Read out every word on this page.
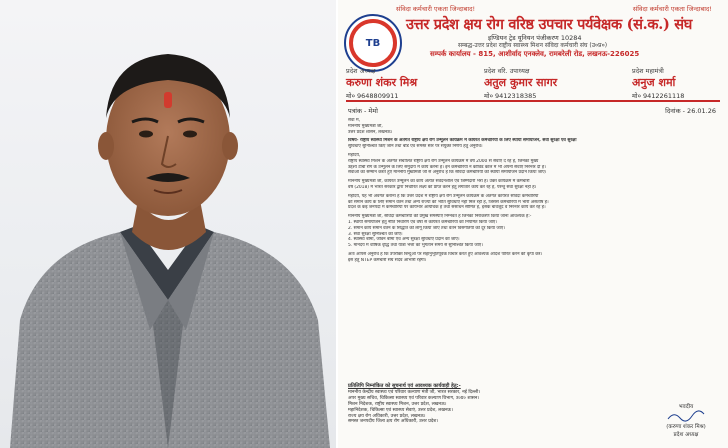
संविदा कर्मचारी एकता जिन्दाबाद!	संविदा कर्मचारी एकता जिन्दाबाद!
TB
उत्तर प्रदेश क्षय रोग वरिष्ठ उपचार पर्यवेक्षक (सं.क.) संघ
इण्डियन ट्रेड यूनियन पंजीकरण 10284
सम्बद्ध-उत्तर प्रदेश राष्ट्रीय स्वास्थ्य मिशन संविदा कर्मचारी संघ (उ०प्र०)
सम्पर्क कार्यालय - 815, आशीर्वाद एनक्लेव, रामबरेली रोड, लखनऊ-226025
प्रदेश अध्यक्ष
करुणा शंकर मिश्र
मो० 9648809911
प्रदेश वरि. उपाध्यक्ष
अतुल कुमार सागर
मो० 9412318385
प्रदेश महामंत्री
अनुज शर्मा
मो० 9412261118
पत्रांक - मेमो	दिनांक - 26.01.26
सेवा में,
माननीय मुख्यमंत्री जी,
उत्तर प्रदेश शासन, लखनऊ।
विषय- राष्ट्रीय स्वास्थ्य मिशन के अंतर्गत राष्ट्रीय क्षय रोग उन्मूलन कार्यक्रम में कार्यरत कर्मचारियों के लिए स्थायी समायोजन, सेवा सुरक्षा एवं सुरक्षा
सुविधाएं सुनिश्चित किए जाने तथा बोर्ड एवं समस्त स्तर पर संयुक्त निर्णय हेतु अनुरोध।
महोदय,
राष्ट्रीय स्वास्थ्य मिशन के अंतर्गत संचालित राष्ट्रीय क्षय रोग उन्मूलन कार्यक्रम में वर्ष 2000 से सेवाएं दे रहे हैं, जिनका मुख्य
उद्देश्य टीबी रोग के उन्मूलन के लिए समुदाय में कार्य करना है। इन कर्मचारियों ने कोविड काल में भी अपनी सेवाएं निरन्तर दी हैं।
सेवाओं का सम्मान करते हुए माननीय मुख्यमंत्री जी से अनुरोध है कि संविदा कर्मचारियों को स्थायी समायोजन प्रदान किया जाए।
माननीय मुख्यमंत्री जी, कार्यरत उन्मूलन का कार्य अत्यंत संवेदनशील एवं जिम्मेदारी भरा है। उक्त कार्यक्रम में कर्मचारी
वर्ष (2018) में भारत सरकार द्वारा निर्धारित लक्ष्य को प्राप्त करने हेतु लगातार कार्य कर रहे हैं, परन्तु सेवा सुरक्षा नहीं है।
महोदय, यह भी अवगत कराना है कि उत्तर प्रदेश में राष्ट्रीय क्षय रोग उन्मूलन कार्यक्रम के अंतर्गत कार्यरत संविदा कर्मचारियों
को समान कार्य के लिए समान वेतन तथा अन्य राज्यों की भांति सुविधाएं नहीं मिल रही हैं, जिससे कर्मचारियों में भारी असंतोष है।
प्रदेश के कई जनपदों में कर्मचारियों पर कार्यभार अत्यधिक है तथा संसाधन सीमित हैं, इसके बावजूद वे निरन्तर कार्य कर रहे हैं।
माननीय मुख्यमंत्री जी, संविदा कर्मचारियों की प्रमुख समस्याएं निम्नवत हैं जिनका निराकरण किया जाना आवश्यक है:-
1. स्थायी समायोजन हेतु नीति निर्धारण एवं वर्षों से कार्यरत कर्मचारियों को नियमित किया जाए।
2. समान कार्य समान वेतन के सिद्धांत को लागू किया जाए तथा वेतन विसंगतियों को दूर किया जाए।
3. सेवा सुरक्षा सुनिश्चित की जाए।
4. स्वास्थ्य बीमा, जीवन बीमा एवं अन्य सुरक्षा सुविधाएं प्रदान की जाएं।
5. मानदेय में वार्षिक वृद्धि तथा यात्रा भत्ता का भुगतान समय से सुनिश्चित किया जाए।
अतः आपसे अनुरोध है कि उपरोक्त बिन्दुओं पर सहानुभूतिपूर्वक विचार करते हुए आवश्यक आदेश पारित करने की कृपा करें।
इस हेतु NTEP कर्मचारी संघ सदैव आभारी रहेगा।
प्रतिलिपि निम्नांकित को सूचनार्थ एवं आवश्यक कार्यवाही हेतु:-
माननीय केन्द्रीय स्वास्थ्य एवं परिवार कल्याण मंत्री जी, भारत सरकार, नई दिल्ली।
अपर मुख्य सचिव, चिकित्सा स्वास्थ्य एवं परिवार कल्याण विभाग, उ०प्र० शासन।
मिशन निदेशक, राष्ट्रीय स्वास्थ्य मिशन, उत्तर प्रदेश, लखनऊ।
महानिदेशक, चिकित्सा एवं स्वास्थ्य सेवाएं, उत्तर प्रदेश, लखनऊ।
राज्य क्षय रोग अधिकारी, उत्तर प्रदेश, लखनऊ।
समस्त जनपदीय जिला क्षय रोग अधिकारी, उत्तर प्रदेश।
भवदीय
(करुणा शंकर मिश्र)
प्रदेश अध्यक्ष
